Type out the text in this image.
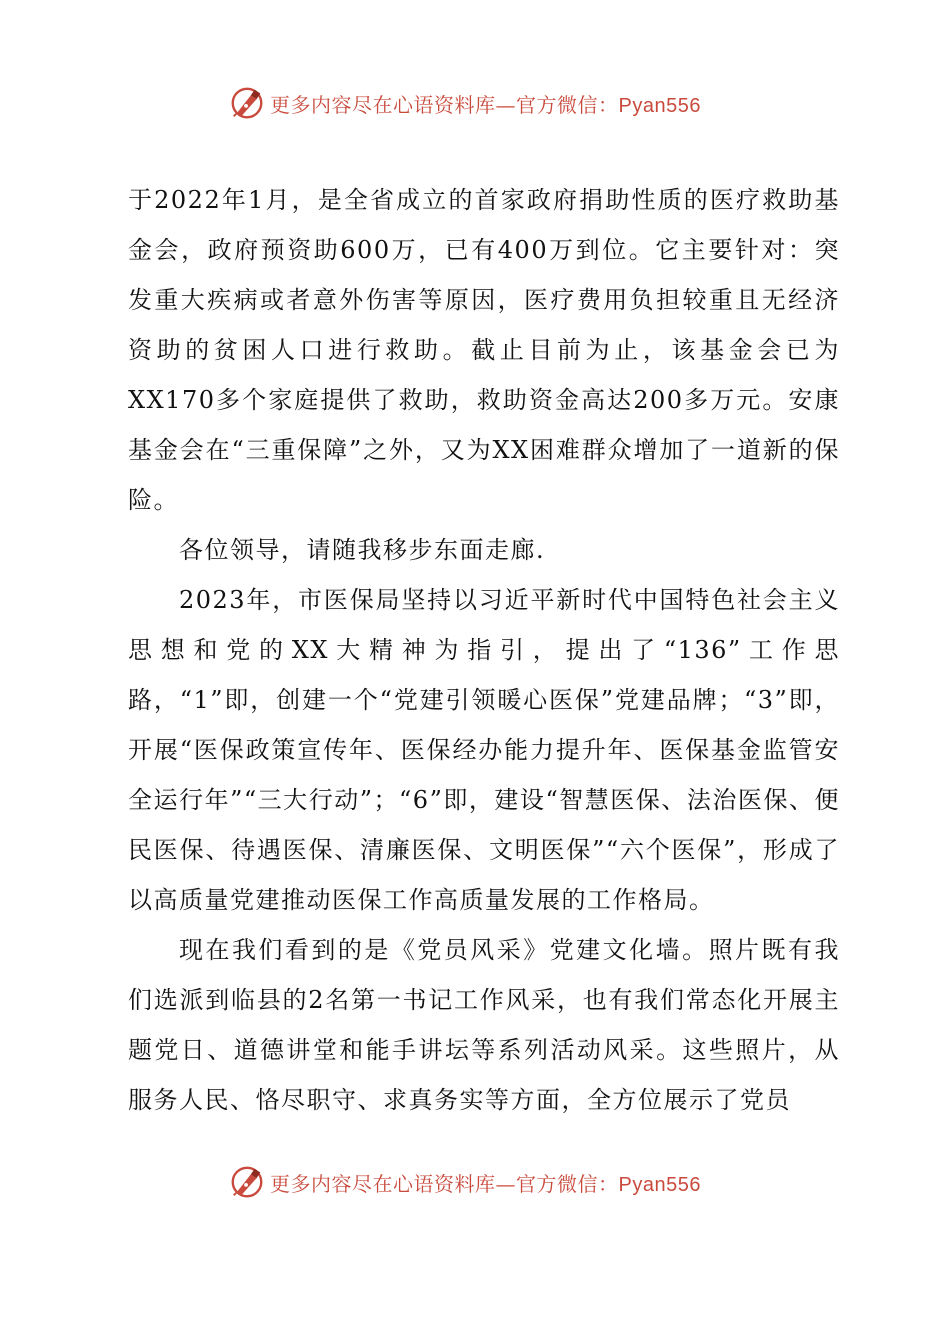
更多内容尽在心语资料库—官方微信：Pyan556

于2022年1月，是全省成立的首家政府捐助性质的医疗救助基金会，政府预资助600万，已有400万到位。它主要针对：突发重大疾病或者意外伤害等原因，医疗费用负担较重且无经济资助的贫困人口进行救助。截止目前为止，该基金会已为XX170多个家庭提供了救助，救助资金高达200多万元。安康基金会在“三重保障”之外，又为XX困难群众增加了一道新的保险。

各位领导，请随我移步东面走廊.

2023年，市医保局坚持以习近平新时代中国特色社会主义思想和党的XX大精神为指引，提出了“136”工作思路，“1”即，创建一个“党建引领暖心医保”党建品牌；“3”即，开展“医保政策宣传年、医保经办能力提升年、医保基金监管安全运行年”“三大行动”；“6”即，建设“智慧医保、法治医保、便民医保、待遇医保、清廉医保、文明医保”“六个医保”，形成了以高质量党建推动医保工作高质量发展的工作格局。

现在我们看到的是《党员风采》党建文化墙。照片既有我们选派到临县的2名第一书记工作风采，也有我们常态化开展主题党日、道德讲堂和能手讲坛等系列活动风采。这些照片，从服务人民、恪尽职守、求真务实等方面，全方位展示了党员

更多内容尽在心语资料库—官方微信：Pyan556
